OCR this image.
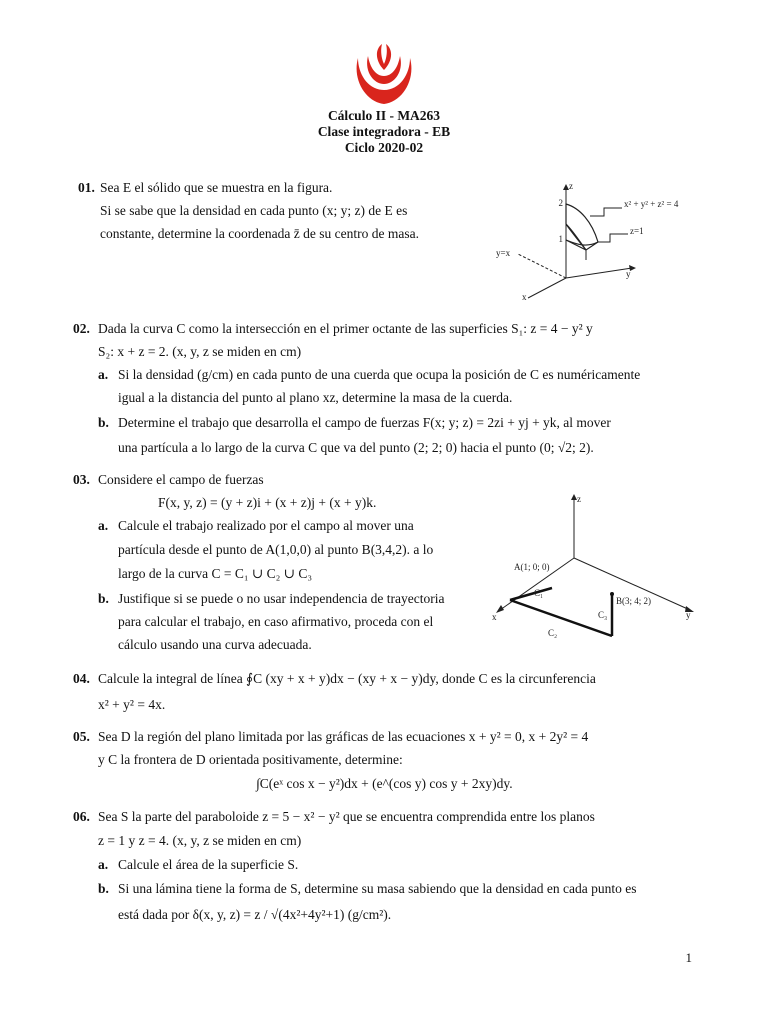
Cálculo II - MA263
Clase integradora - EB
Ciclo 2020-02
01. Sea E el sólido que se muestra en la figura.
Si se sabe que la densidad en cada punto (x; y; z) de E es
constante, determine la coordenada z̄ de su centro de masa.	1
2
z
y
x
y=x
x² + y² + z² = 4
z=1
02. Dada la curva C como la intersección en el primer octante de las superficies S₁: z = 4 − y² y
S₂: x + z = 2. (x, y, z se miden en cm)
a. Si la densidad (g/cm) en cada punto de una cuerda que ocupa la posición de C es numéricamente
igual a la distancia del punto al plano xz, determine la masa de la cuerda.
b. Determine el trabajo que desarrolla el campo de fuerzas F(x; y; z) = 2zi + yj + yk, al mover
una partícula a lo largo de la curva C que va del punto (2; 2; 0) hacia el punto (0; √2; 2).
03. Considere el campo de fuerzas
F(x, y, z) = (y + z)i + (x + z)j + (x + y)k.
a. Calcule el trabajo realizado por el campo al mover una
partícula desde el punto de A(1,0,0) al punto B(3,4,2). a lo
largo de la curva C = C₁ ∪ C₂ ∪ C₃
b. Justifique si se puede o no usar independencia de trayectoria
para calcular el trabajo, en caso afirmativo, proceda con el
cálculo usando una curva adecuada.
z
y
x
A(1; 0; 0)
B(3; 4; 2)
C₁
C₂
C₃
04. Calcule la integral de línea ∮C (xy + x + y)dx − (xy + x − y)dy, donde C es la circunferencia
x² + y² = 4x.
05. Sea D la región del plano limitada por las gráficas de las ecuaciones x + y² = 0, x + 2y² = 4
y C la frontera de D orientada positivamente, determine:
∫C(eˣ cos x − y²)dx + (e^(cos y) cos y + 2xy)dy.
06. Sea S la parte del paraboloide z = 5 − x² − y² que se encuentra comprendida entre los planos
z = 1 y z = 4. (x, y, z se miden en cm)
a. Calcule el área de la superficie S.
b. Si una lámina tiene la forma de S, determine su masa sabiendo que la densidad en cada punto es
está dada por δ(x, y, z) = z / √(4x²+4y²+1) (g/cm²).
1
